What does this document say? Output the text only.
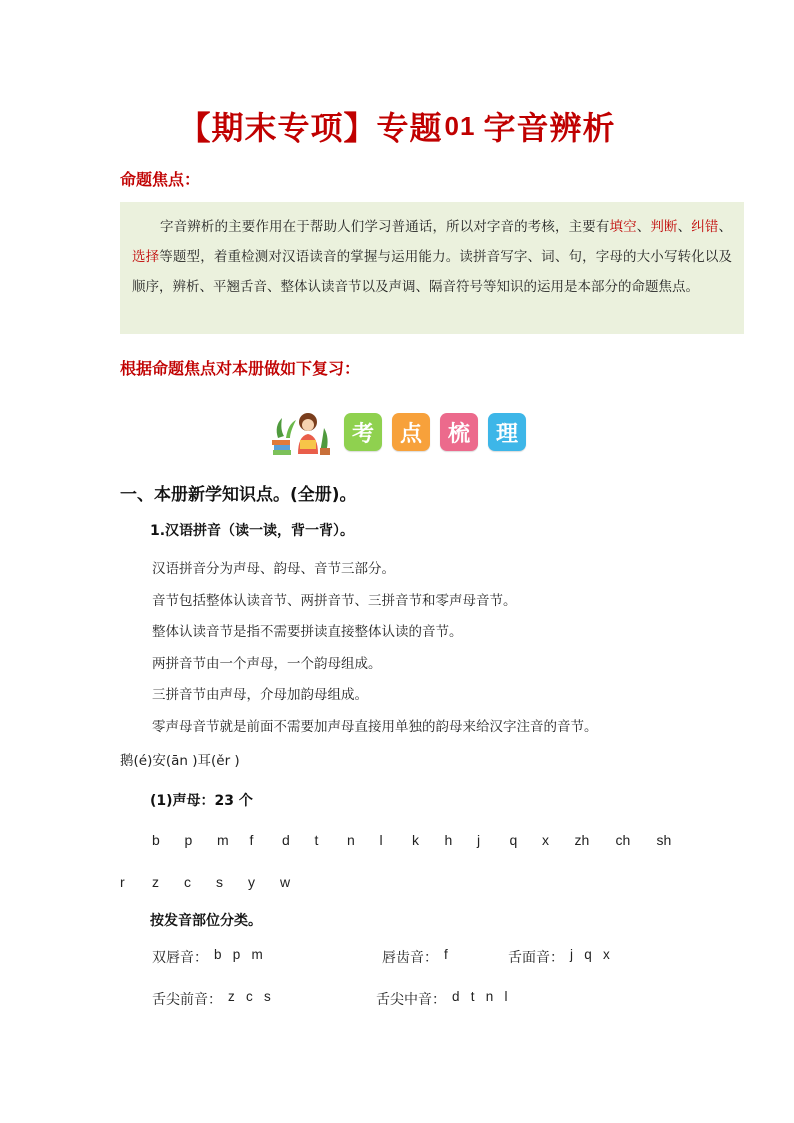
【期末专项】专题01 字音辨析
命题焦点：

字音辨析的主要作用在于帮助人们学习普通话，所以对字音的考核，主要有填空、判断、纠错、选择等题型，着重检测对汉语读音的掌握与运用能力。读拼音写字、词、句，字母的大小写转化以及顺序，辨析、平翘舌音、整体认读音节以及声调、隔音符号等知识的运用是本部分的命题焦点。

根据命题焦点对本册做如下复习：
考	点	梳	理
一、本册新学知识点。(全册)。
1.汉语拼音（读一读，背一背）。
汉语拼音分为声母、韵母、音节三部分。
音节包括整体认读音节、两拼音节、三拼音节和零声母音节。
整体认读音节是指不需要拼读直接整体认读的音节。
两拼音节由一个声母，一个韵母组成。
三拼音节由声母，介母加韵母组成。
零声母音节就是前面不需要加声母直接用单独的韵母来给汉字注音的音节。
鹅(é)安(ān )耳(ěr )
(1)声母：23 个
b	p	m	f	d	t	n	l	k	h	j	q	x	zh	ch	sh
r	z	c	s	y	w
按发音部位分类。
双唇音： b   p   m	唇齿音： f	舌面音： j   q   x
舌尖前音： z   c   s	舌尖中音： d   t   n   l
